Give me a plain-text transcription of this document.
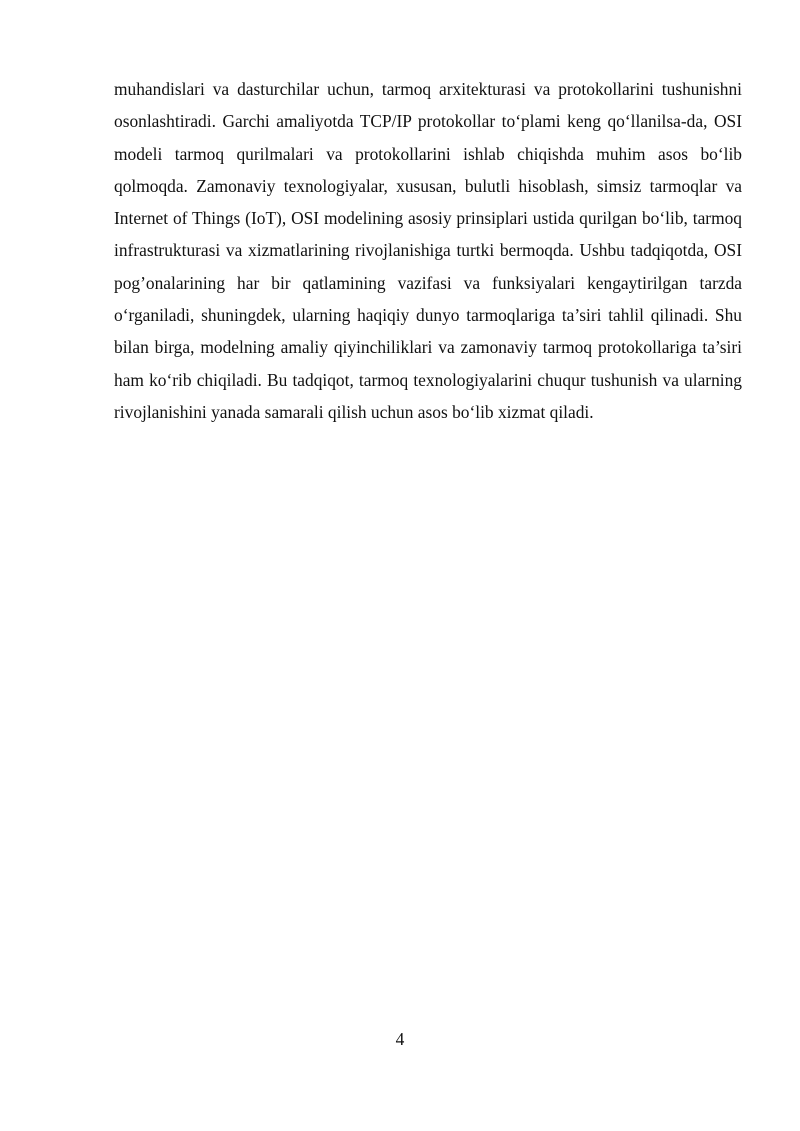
muhandislari va dasturchilar uchun, tarmoq arxitekturasi va protokollarini tushunishni osonlashtiradi. Garchi amaliyotda TCP/IP protokollar to‘plami keng qo‘llanilsa-da, OSI modeli tarmoq qurilmalari va protokollarini ishlab chiqishda muhim asos bo‘lib qolmoqda. Zamonaviy texnologiyalar, xususan, bulutli hisoblash, simsiz tarmoqlar va Internet of Things (IoT), OSI modelining asosiy prinsiplari ustida qurilgan bo‘lib, tarmoq infrastrukturasi va xizmatlarining rivojlanishiga turtki bermoqda. Ushbu tadqiqotda, OSI pog’onalarining har bir qatlamining vazifasi va funksiyalari kengaytirilgan tarzda o‘rganiladi, shuningdek, ularning haqiqiy dunyo tarmoqlariga ta’siri tahlil qilinadi. Shu bilan birga, modelning amaliy qiyinchiliklari va zamonaviy tarmoq protokollariga ta’siri ham ko‘rib chiqiladi. Bu tadqiqot, tarmoq texnologiyalarini chuqur tushunish va ularning rivojlanishini yanada samarali qilish uchun asos bo‘lib xizmat qiladi.

4
